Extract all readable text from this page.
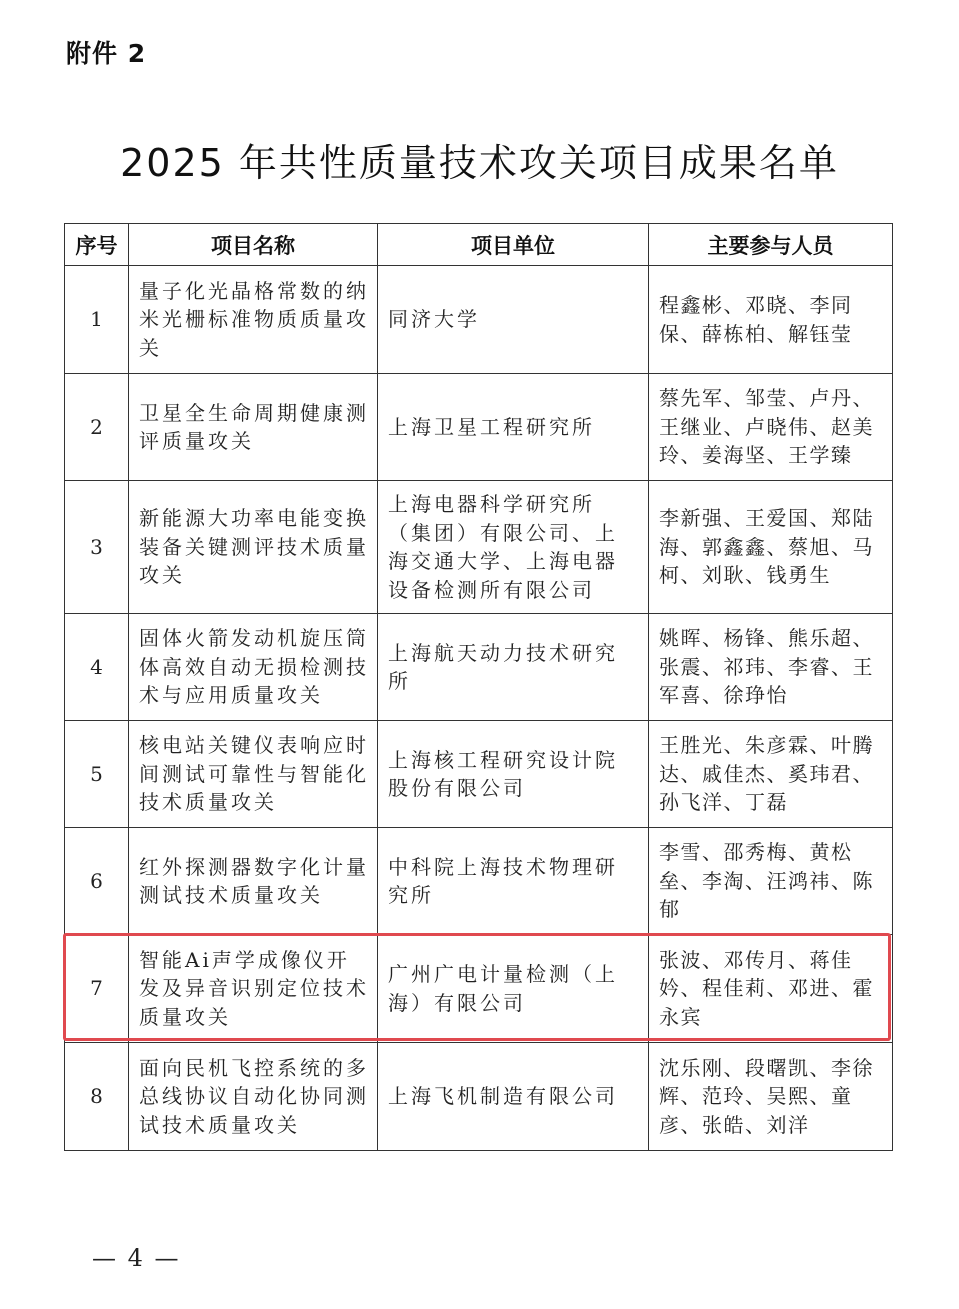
附件 2
2025 年共性质量技术攻关项目成果名单
序号	项目名称	项目单位	主要参与人员
1	量子化光晶格常数的纳米光栅标准物质质量攻关	同济大学	程鑫彬、邓晓、李同保、薛栋柏、解钰莹
2	卫星全生命周期健康测评质量攻关	上海卫星工程研究所	蔡先军、邹莹、卢丹、王继业、卢晓伟、赵美玲、姜海坚、王学臻
3	新能源大功率电能变换装备关键测评技术质量攻关	上海电器科学研究所（集团）有限公司、上海交通大学、上海电器设备检测所有限公司	李新强、王爱国、郑陆海、郭鑫鑫、蔡旭、马柯、刘耿、钱勇生
4	固体火箭发动机旋压筒体高效自动无损检测技术与应用质量攻关	上海航天动力技术研究所	姚晖、杨锋、熊乐超、张震、祁玮、李睿、王军喜、徐琤怡
5	核电站关键仪表响应时间测试可靠性与智能化技术质量攻关	上海核工程研究设计院股份有限公司	王胜光、朱彦霖、叶腾达、戚佳杰、奚玮君、孙飞洋、丁磊
6	红外探测器数字化计量测试技术质量攻关	中科院上海技术物理研究所	李雪、邵秀梅、黄松垒、李淘、汪鸿祎、陈郁
7	智能Ai声学成像仪开发及异音识别定位技术质量攻关	广州广电计量检测（上海）有限公司	张波、邓传月、蒋佳妗、程佳莉、邓进、霍永宾
8	面向民机飞控系统的多总线协议自动化协同测试技术质量攻关	上海飞机制造有限公司	沈乐刚、段曙凯、李徐辉、范玲、吴熙、童彦、张皓、刘洋
— 4 —
